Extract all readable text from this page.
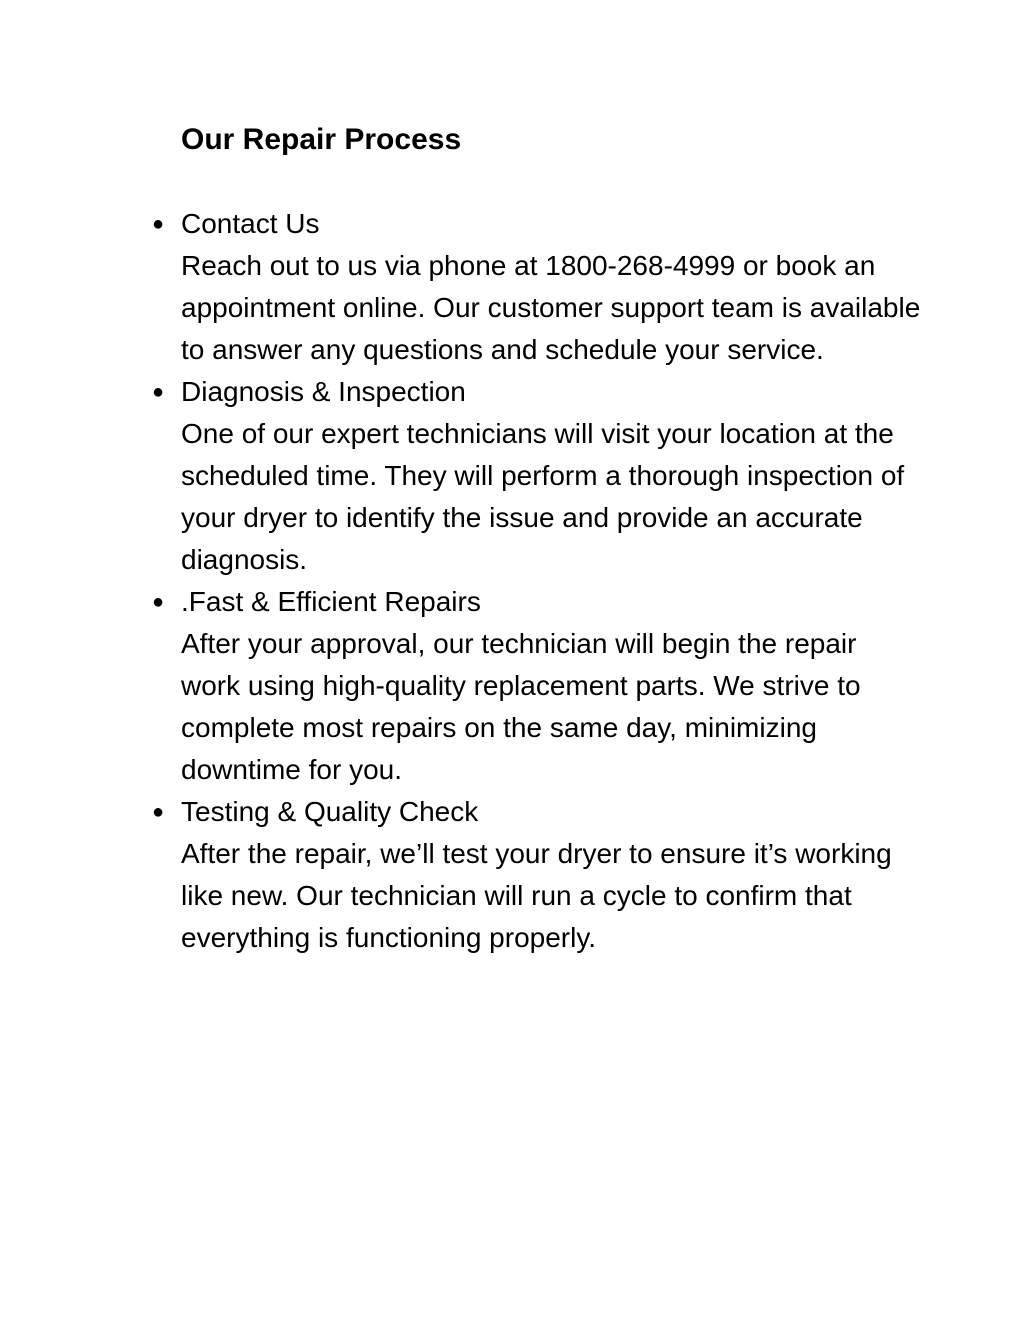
Our Repair Process
● Contact Us
Reach out to us via phone at 1800-268-4999 or book an appointment online. Our customer support team is available to answer any questions and schedule your service.
● Diagnosis & Inspection
One of our expert technicians will visit your location at the scheduled time. They will perform a thorough inspection of your dryer to identify the issue and provide an accurate diagnosis.
● .Fast & Efficient Repairs
After your approval, our technician will begin the repair work using high-quality replacement parts. We strive to complete most repairs on the same day, minimizing downtime for you.
● Testing & Quality Check
After the repair, we’ll test your dryer to ensure it’s working like new. Our technician will run a cycle to confirm that everything is functioning properly.
